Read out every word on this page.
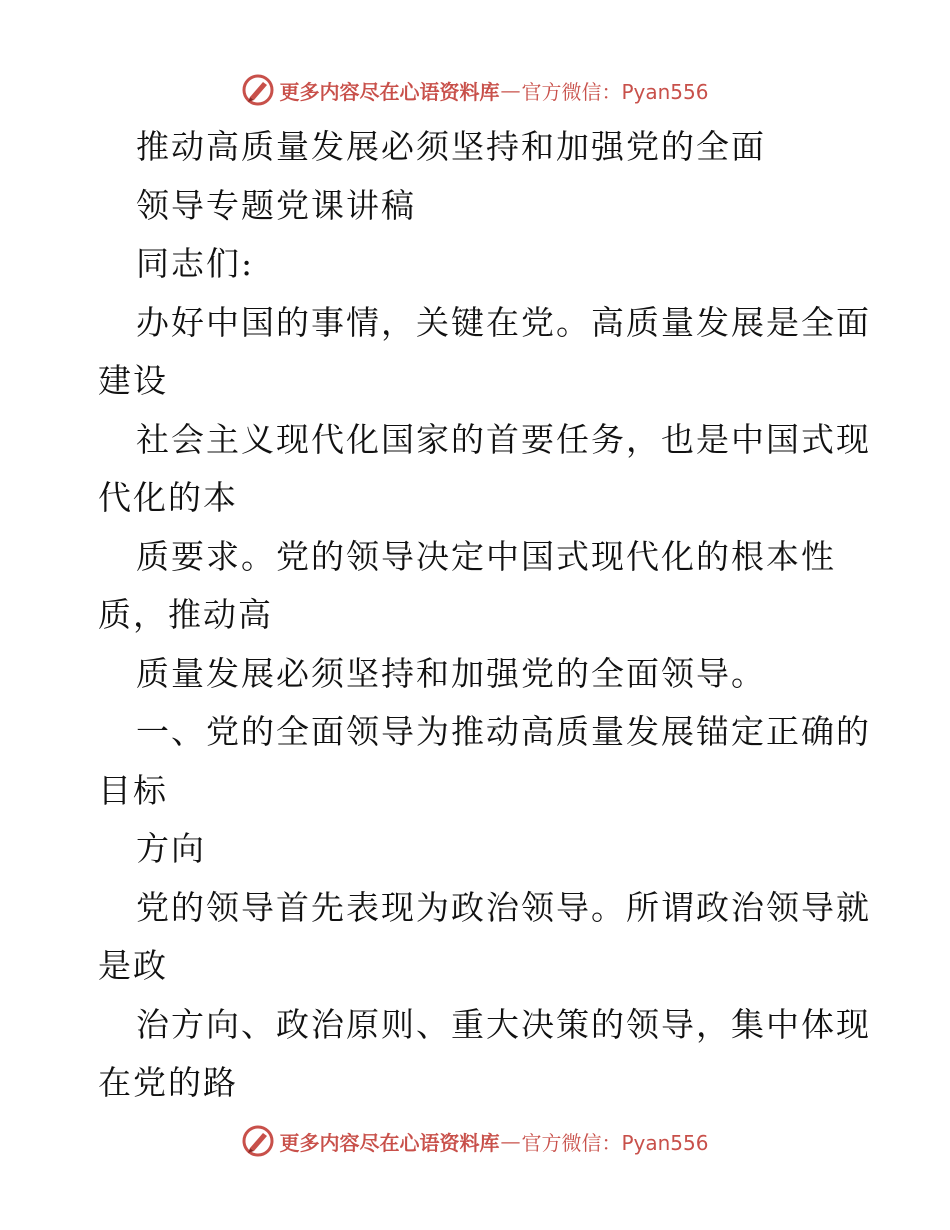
更多内容尽在心语资料库 — 官方微信：Pyan556
推动高质量发展必须坚持和加强党的全面
领导专题党课讲稿
同志们:
办好中国的事情，关键在党。高质量发展是全面
建设
社会主义现代化国家的首要任务，也是中国式现
代化的本
质要求。党的领导决定中国式现代化的根本性
质，推动高
质量发展必须坚持和加强党的全面领导。
一、党的全面领导为推动高质量发展锚定正确的
目标
方向
党的领导首先表现为政治领导。所谓政治领导就
是政
治方向、政治原则、重大决策的领导，集中体现
在党的路
更多内容尽在心语资料库 — 官方微信：Pyan556
